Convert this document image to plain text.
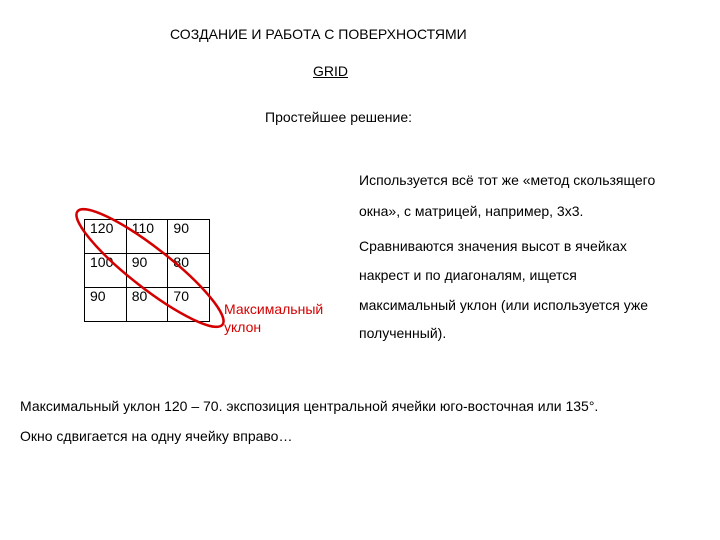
СОЗДАНИЕ И РАБОТА С ПОВЕРХНОСТЯМИ
GRID
Простейшее решение:
Используется всё тот же «метод скользящего
окна», с матрицей, например, 3х3.
Сравниваются значения высот в ячейках
накрест и по диагоналям, ищется
максимальный уклон (или используется уже
полученный).
120	110	90
100	90	80
90	80	70
Максимальный
уклон
Максимальный уклон 120 – 70. экспозиция центральной ячейки юго-восточная или 135°.
Окно сдвигается на одну ячейку вправо…
